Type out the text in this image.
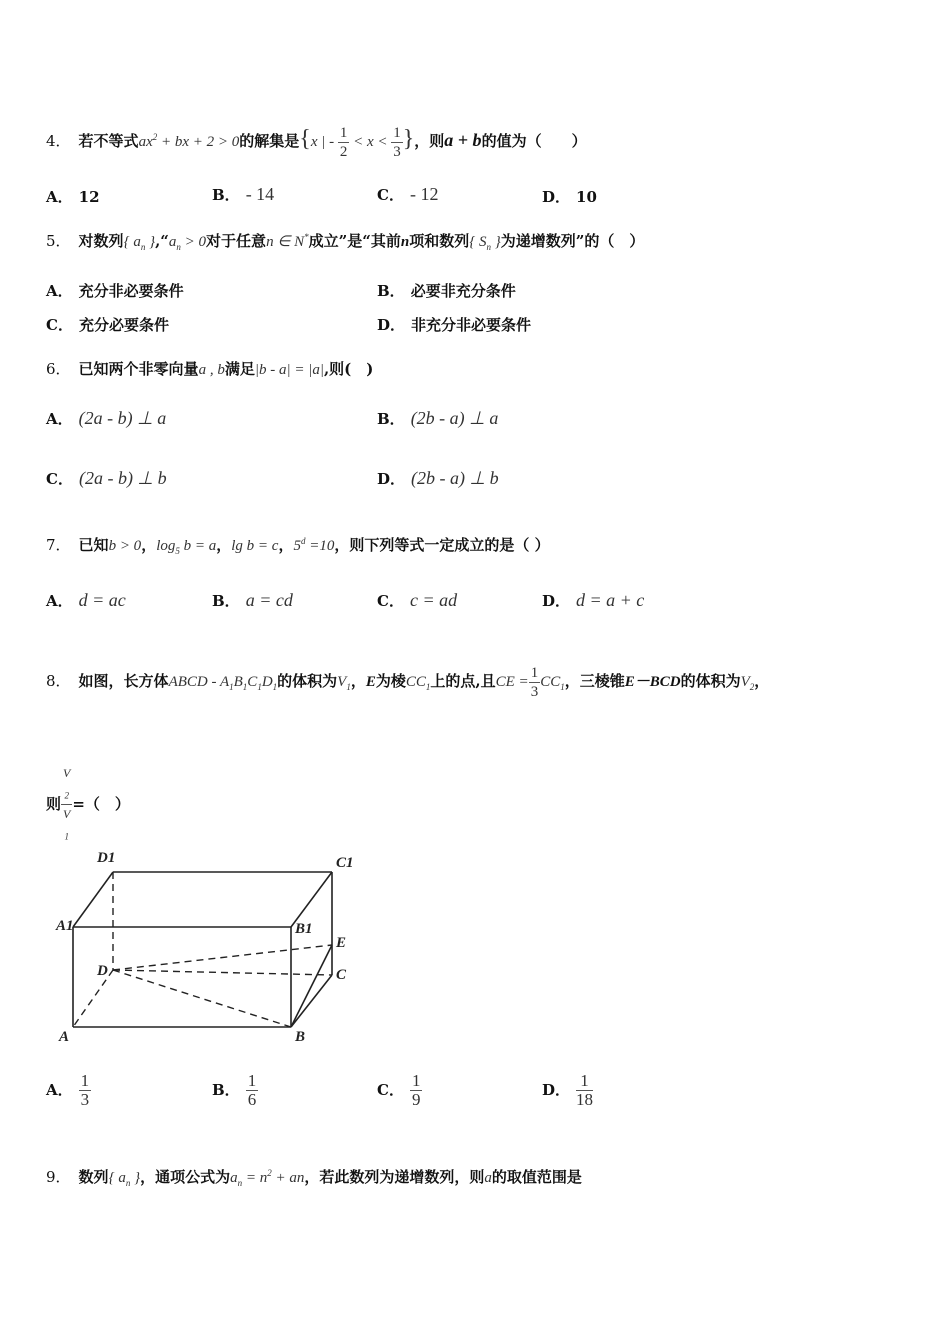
4． 若不等式$ax^2$ + bx + 2 > 0的解集是{x | - $\frac{1}{2} < x < \frac{1}{3}$ }，则a + b的值为（　　）
A． 12	B． - 14	C． - 12	D． 10
5． 对数列{ $a_n$ }$,“a_n > 0$对于任意n ∈ N*成立”是“其前n项和数列{ $S_n$ }为递增数列”的（　）
A． 充分非必要条件	B． 必要非充分条件
C． 充分必要条件	D． 非充分非必要条件
6． 已知两个非零向量a , b满足|b - a| = |a|,则(　)
A． (2a - b) ⊥ a	B． (2b - a) ⊥ a
C． (2a - b) ⊥ b	D． (2b - a) ⊥ b
7． 已知b > 0，$\log_5 b = a$，lg b = c，$5^d =10$，则下列等式一定成立的是（ ）
A． d = ac	B． a = cd	C． c = ad	D． d = a + c
8． 如图，长方体ABCD - $A_1B_1C_1D_1$的体积为$V_1$，E为棱$CC_1$上的点,且CE = $\frac{1}{3} CC_1$，三棱锥E－BCD的体积为$V_2$，
则 V
$_2$
V
$_1$ =（　）
D1	C1
A1	B1
E
D	C
A	B
A． $\frac{1}{3}$	B． $\frac{1}{6}$	C． $\frac{1}{9}$	D． $\frac{1}{18}$
9． 数列{ $a_n$ }，通项公式为$a_n = n^2$ + an，若此数列为递增数列，则a的取值范围是
